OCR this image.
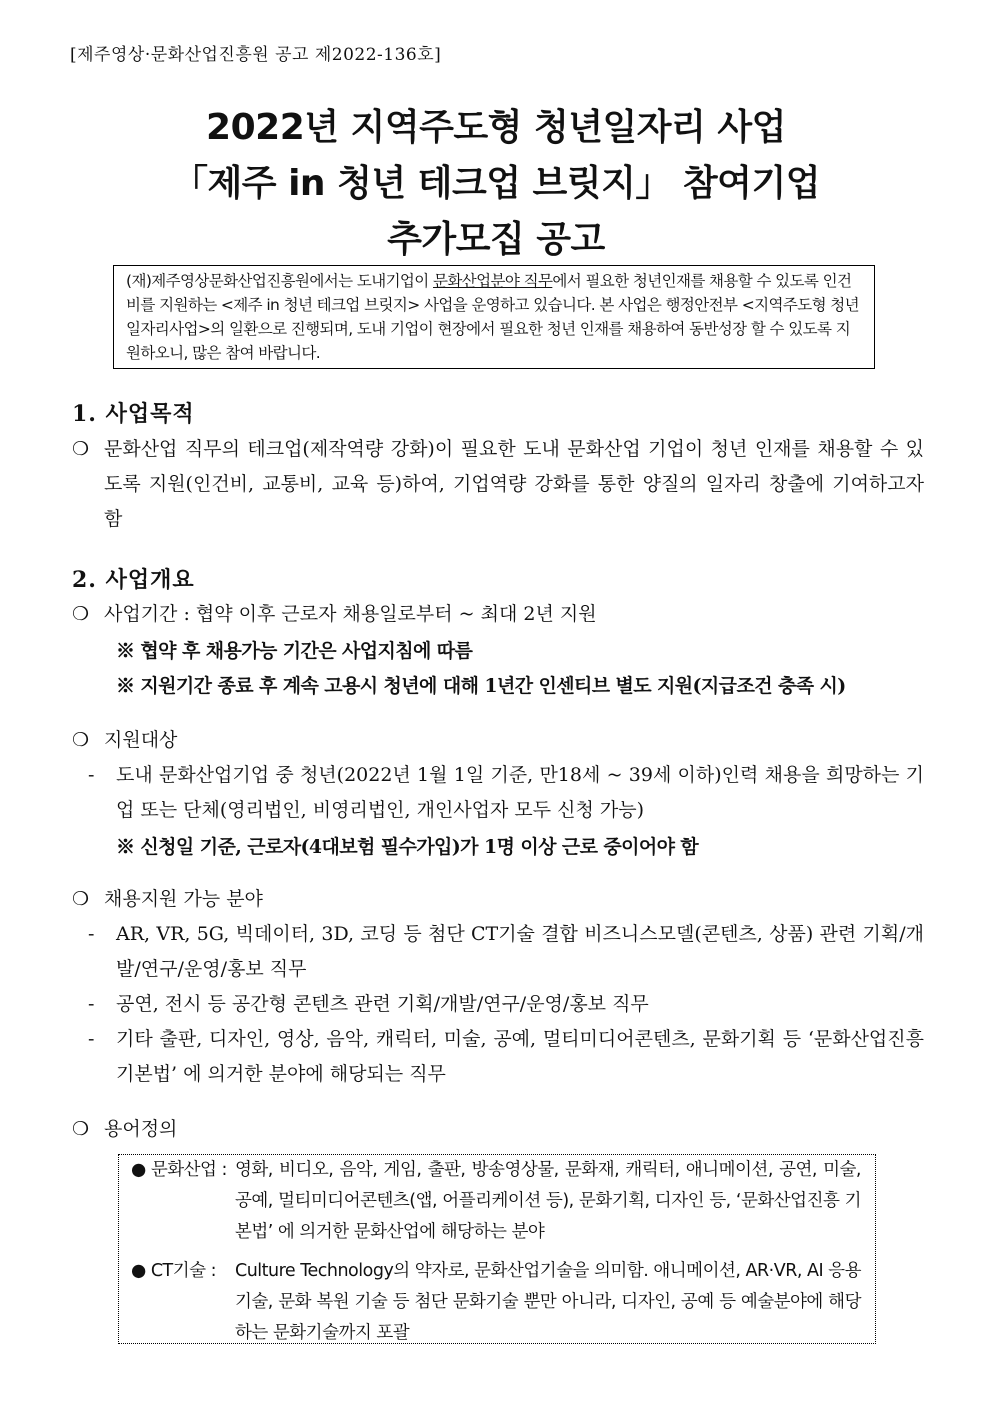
[제주영상·문화산업진흥원 공고 제2022-136호]
2022년 지역주도형 청년일자리 사업
「제주 in 청년 테크업 브릿지」 참여기업
추가모집 공고
(재)제주영상문화산업진흥원에서는 도내기업이 문화산업분야 직무에서 필요한 청년인재를 채용할 수 있도록 인건비를 지원하는 <제주 in 청년 테크업 브릿지> 사업을 운영하고 있습니다. 본 사업은 행정안전부 <지역주도형 청년일자리사업>의 일환으로 진행되며, 도내 기업이 현장에서 필요한 청년 인재를 채용하여 동반성장 할 수 있도록 지원하오니, 많은 참여 바랍니다.
1. 사업목적
❍ 문화산업 직무의 테크업(제작역량 강화)이 필요한 도내 문화산업 기업이 청년 인재를 채용할 수 있도록 지원(인건비, 교통비, 교육 등)하여, 기업역량 강화를 통한 양질의 일자리 창출에 기여하고자 함
2. 사업개요
❍ 사업기간 : 협약 이후 근로자 채용일로부터 ~ 최대 2년 지원
※ 협약 후 채용가능 기간은 사업지침에 따름
※ 지원기간 종료 후 계속 고용시 청년에 대해 1년간 인센티브 별도 지원(지급조건 충족 시)
❍ 지원대상
- 도내 문화산업기업 중 청년(2022년 1월 1일 기준, 만18세 ~ 39세 이하)인력 채용을 희망하는 기업 또는 단체(영리법인, 비영리법인, 개인사업자 모두 신청 가능)
※ 신청일 기준, 근로자(4대보험 필수가입)가 1명 이상 근로 중이어야 함
❍ 채용지원 가능 분야
- AR, VR, 5G, 빅데이터, 3D, 코딩 등 첨단 CT기술 결합 비즈니스모델(콘텐츠, 상품) 관련 기획/개발/연구/운영/홍보 직무
- 공연, 전시 등 공간형 콘텐츠 관련 기획/개발/연구/운영/홍보 직무
- 기타 출판, 디자인, 영상, 음악, 캐릭터, 미술, 공예, 멀티미디어콘텐츠, 문화기획 등 ‘문화산업진흥기본법’ 에 의거한 분야에 해당되는 직무
❍ 용어정의
● 문화산업 : 영화, 비디오, 음악, 게임, 출판, 방송영상물, 문화재, 캐릭터, 애니메이션, 공연, 미술, 공예, 멀티미디어콘텐츠(앱, 어플리케이션 등), 문화기획, 디자인 등, ‘문화산업진흥 기본법’ 에 의거한 문화산업에 해당하는 분야
● CT기술 : Culture Technology의 약자로, 문화산업기술을 의미함. 애니메이션, AR·VR, AI 응용기술, 문화 복원 기술 등 첨단 문화기술 뿐만 아니라, 디자인, 공예 등 예술분야에 해당하는 문화기술까지 포괄
